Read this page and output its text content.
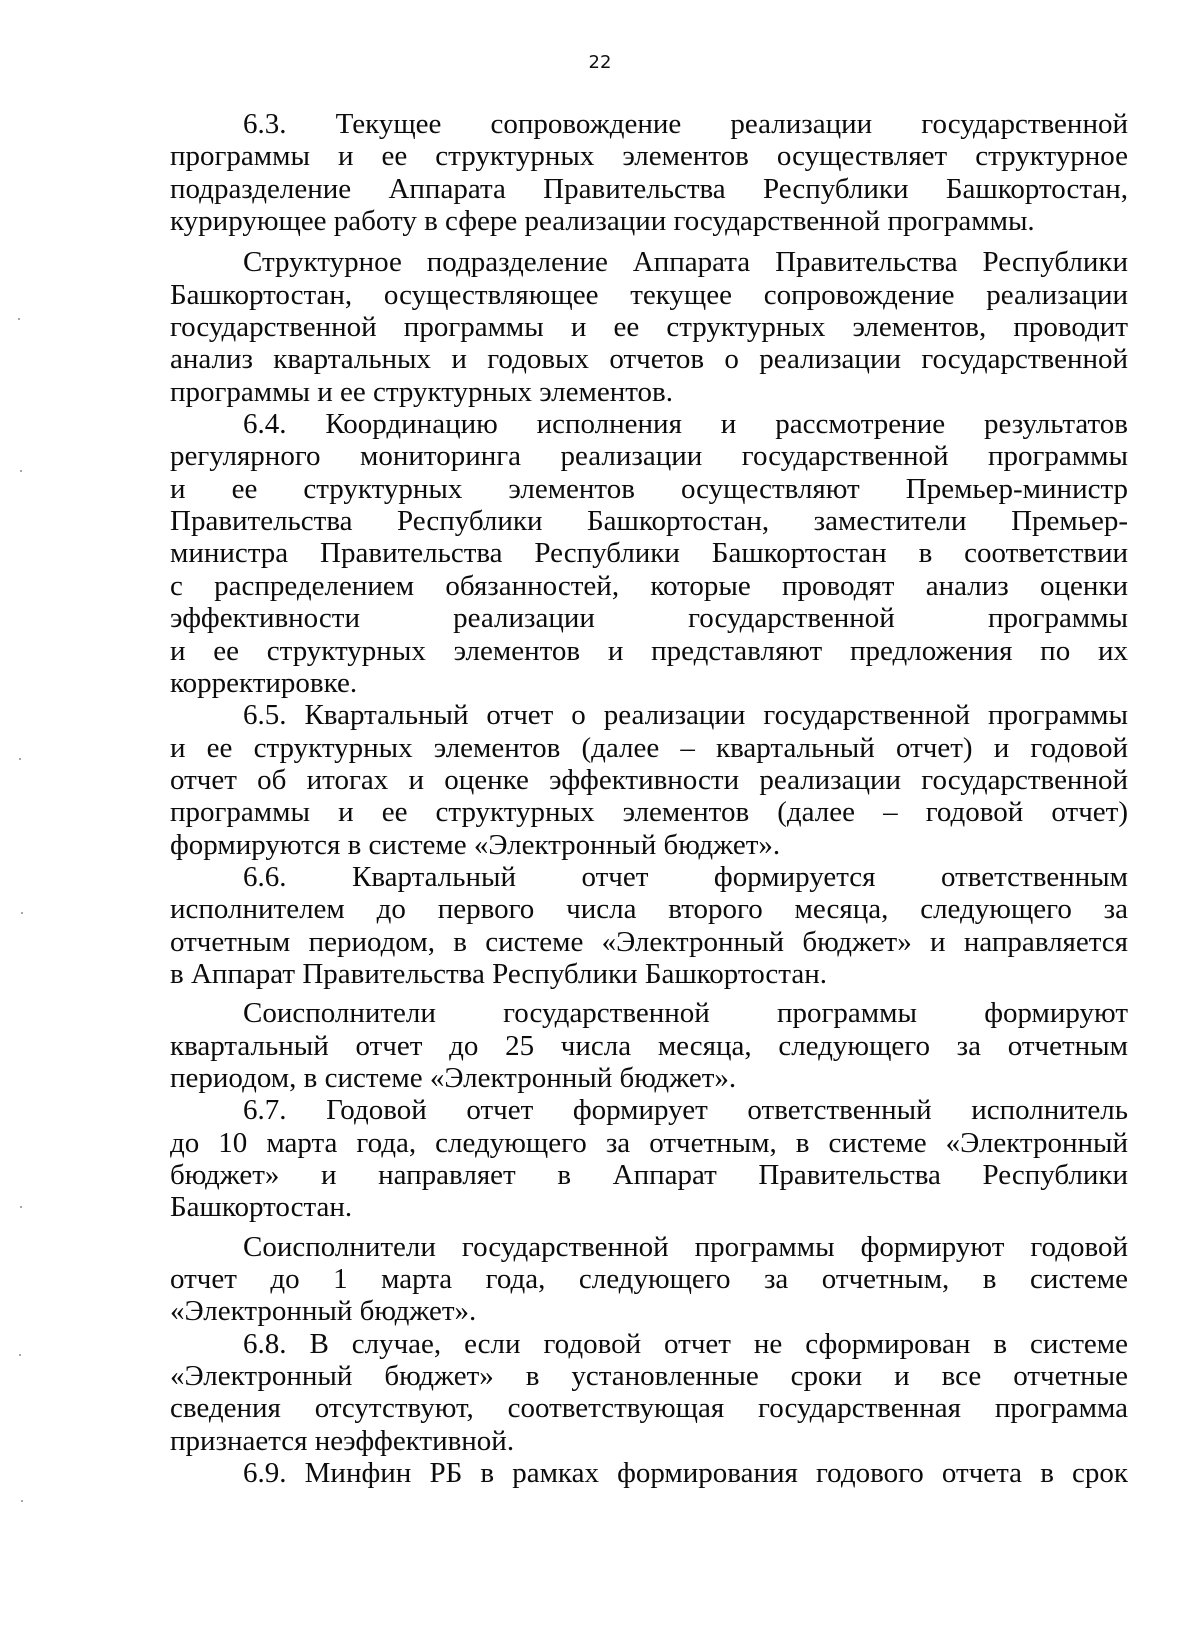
22
6.3. Текущее сопровождение реализации государственной
программы и ее структурных элементов осуществляет структурное
подразделение Аппарата Правительства Республики Башкортостан,
курирующее работу в сфере реализации государственной программы.
Структурное подразделение Аппарата Правительства Республики
Башкортостан, осуществляющее текущее сопровождение реализации
государственной программы и ее структурных элементов, проводит
анализ квартальных и годовых отчетов о реализации государственной
программы и ее структурных элементов.
6.4. Координацию исполнения и рассмотрение результатов
регулярного мониторинга реализации государственной программы
и ее структурных элементов осуществляют Премьер-министр
Правительства Республики Башкортостан, заместители Премьер-
министра Правительства Республики Башкортостан в соответствии
с распределением обязанностей, которые проводят анализ оценки
эффективности реализации государственной программы
и ее структурных элементов и представляют предложения по их
корректировке.
6.5. Квартальный отчет о реализации государственной программы
и ее структурных элементов (далее – квартальный отчет) и годовой
отчет об итогах и оценке эффективности реализации государственной
программы и ее структурных элементов (далее – годовой отчет)
формируются в системе «Электронный бюджет».
6.6. Квартальный отчет формируется ответственным
исполнителем до первого числа второго месяца, следующего за
отчетным периодом, в системе «Электронный бюджет» и направляется
в Аппарат Правительства Республики Башкортостан.
Соисполнители государственной программы формируют
квартальный отчет до 25 числа месяца, следующего за отчетным
периодом, в системе «Электронный бюджет».
6.7. Годовой отчет формирует ответственный исполнитель
до 10 марта года, следующего за отчетным, в системе «Электронный
бюджет» и направляет в Аппарат Правительства Республики
Башкортостан.
Соисполнители государственной программы формируют годовой
отчет до 1 марта года, следующего за отчетным, в системе
«Электронный бюджет».
6.8. В случае, если годовой отчет не сформирован в системе
«Электронный бюджет» в установленные сроки и все отчетные
сведения отсутствуют, соответствующая государственная программа
признается неэффективной.
6.9. Минфин РБ в рамках формирования годового отчета в срок
